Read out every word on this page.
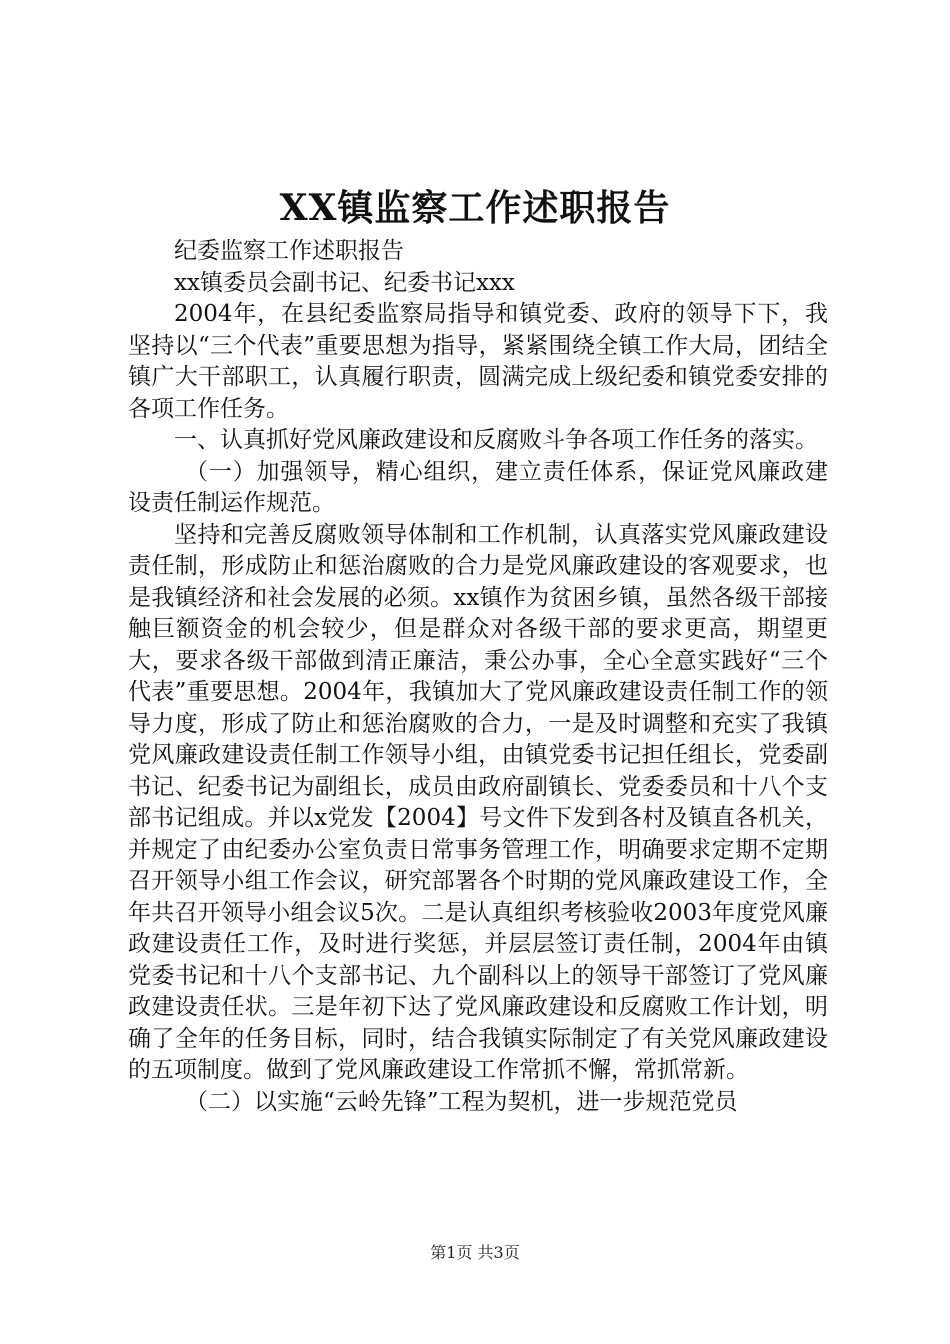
XX镇监察工作述职报告

纪委监察工作述职报告

xx镇委员会副书记、纪委书记xxx

2004年，在县纪委监察局指导和镇党委、政府的领导下下，我坚持以“三个代表”重要思想为指导，紧紧围绕全镇工作大局，团结全镇广大干部职工，认真履行职责，圆满完成上级纪委和镇党委安排的各项工作任务。

一、认真抓好党风廉政建设和反腐败斗争各项工作任务的落实。

（一）加强领导，精心组织，建立责任体系，保证党风廉政建设责任制运作规范。

坚持和完善反腐败领导体制和工作机制，认真落实党风廉政建设责任制，形成防止和惩治腐败的合力是党风廉政建设的客观要求，也是我镇经济和社会发展的必须。xx镇作为贫困乡镇，虽然各级干部接触巨额资金的机会较少，但是群众对各级干部的要求更高，期望更大，要求各级干部做到清正廉洁，秉公办事，全心全意实践好“三个代表”重要思想。2004年，我镇加大了党风廉政建设责任制工作的领导力度，形成了防止和惩治腐败的合力，一是及时调整和充实了我镇党风廉政建设责任制工作领导小组，由镇党委书记担任组长，党委副书记、纪委书记为副组长，成员由政府副镇长、党委委员和十八个支部书记组成。并以x党发【2004】号文件下发到各村及镇直各机关，并规定了由纪委办公室负责日常事务管理工作，明确要求定期不定期召开领导小组工作会议，研究部署各个时期的党风廉政建设工作，全年共召开领导小组会议5次。二是认真组织考核验收2003年度党风廉政建设责任工作，及时进行奖惩，并层层签订责任制，2004年由镇党委书记和十八个支部书记、九个副科以上的领导干部签订了党风廉政建设责任状。三是年初下达了党风廉政建设和反腐败工作计划，明确了全年的任务目标，同时，结合我镇实际制定了有关党风廉政建设的五项制度。做到了党风廉政建设工作常抓不懈，常抓常新。

（二）以实施“云岭先锋”工程为契机，进一步规范党员

第1页 共3页
